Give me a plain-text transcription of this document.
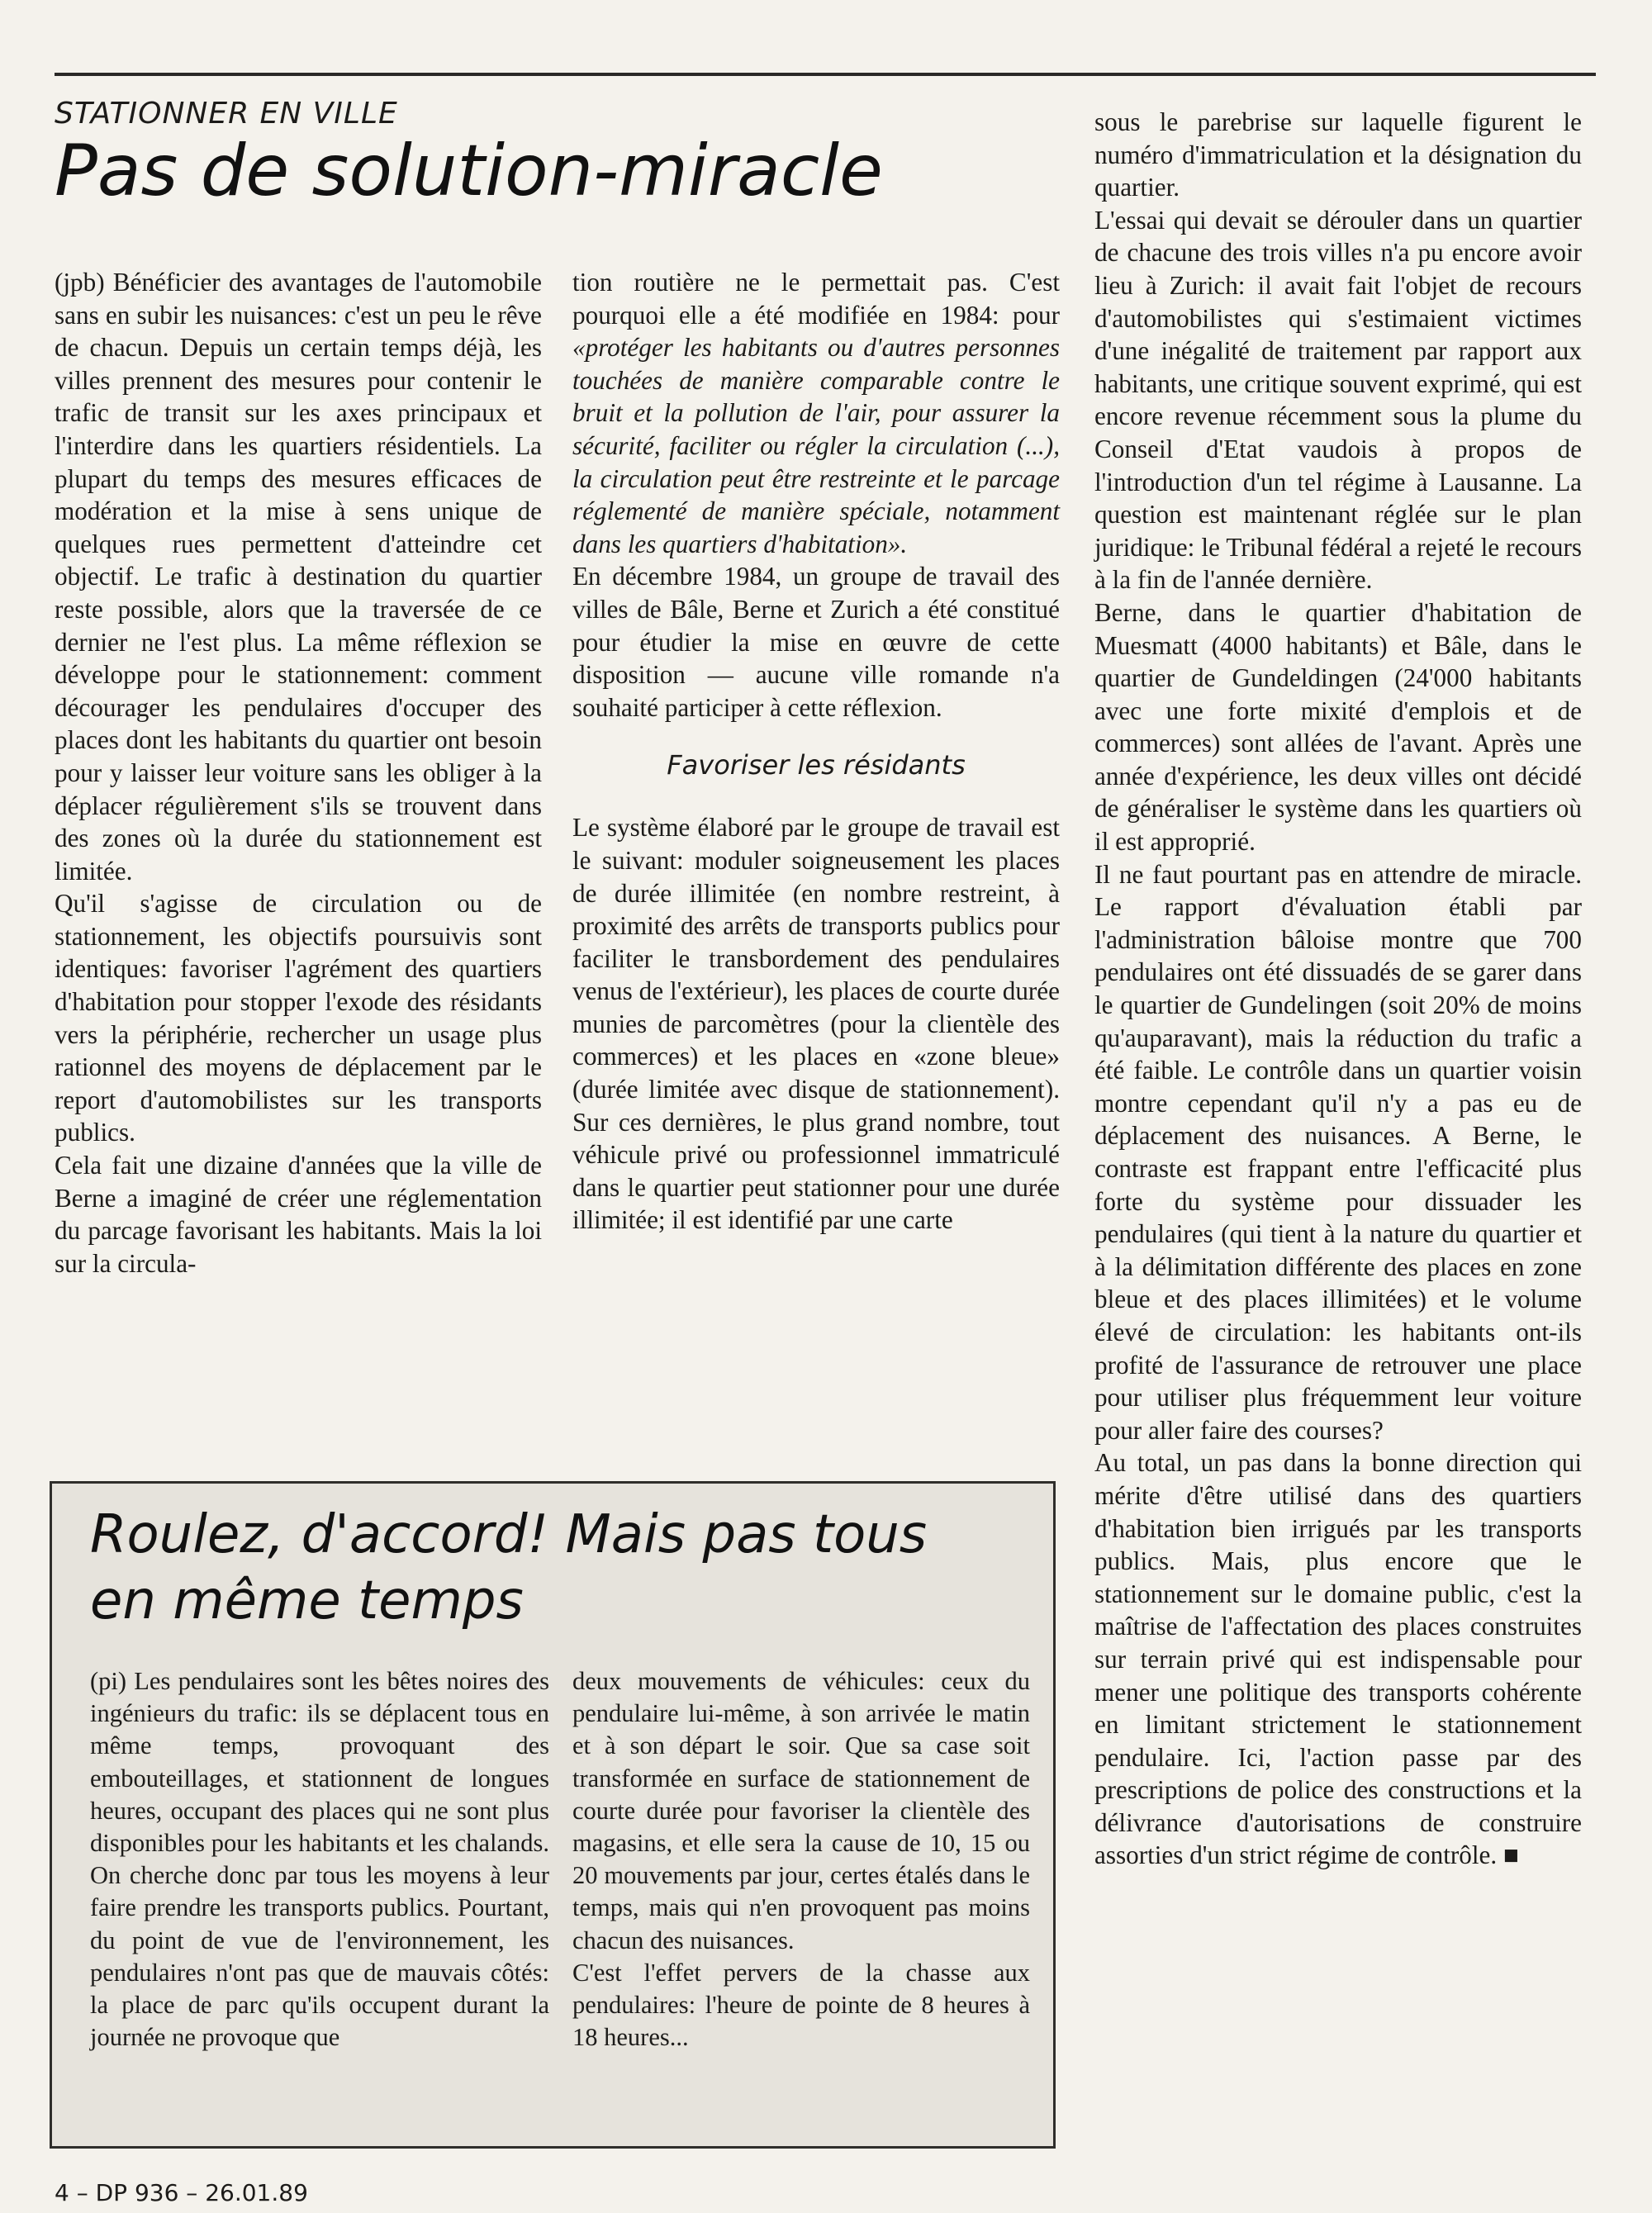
STATIONNER EN VILLE
Pas de solution-miracle

(jpb) Bénéficier des avantages de l'automobile sans en subir les nuisances: c'est un peu le rêve de chacun. Depuis un certain temps déjà, les villes prennent des mesures pour contenir le trafic de transit sur les axes principaux et l'interdire dans les quartiers résidentiels. La plupart du temps des mesures efficaces de modération et la mise à sens unique de quelques rues permettent d'atteindre cet objectif. Le trafic à destination du quartier reste possible, alors que la traversée de ce dernier ne l'est plus. La même réflexion se développe pour le stationnement: comment décourager les pendulaires d'occuper des places dont les habitants du quartier ont besoin pour y laisser leur voiture sans les obliger à la déplacer régulièrement s'ils se trouvent dans des zones où la durée du stationnement est limitée.

Qu'il s'agisse de circulation ou de stationnement, les objectifs poursuivis sont identiques: favoriser l'agrément des quartiers d'habitation pour stopper l'exode des résidants vers la périphérie, rechercher un usage plus rationnel des moyens de déplacement par le report d'automobilistes sur les transports publics.

Cela fait une dizaine d'années que la ville de Berne a imaginé de créer une réglementation du parcage favorisant les habitants. Mais la loi sur la circula-

tion routière ne le permettait pas. C'est pourquoi elle a été modifiée en 1984: pour «protéger les habitants ou d'autres personnes touchées de manière comparable contre le bruit et la pollution de l'air, pour assurer la sécurité, faciliter ou régler la circulation (...), la circulation peut être restreinte et le parcage réglementé de manière spéciale, notamment dans les quartiers d'habitation».

En décembre 1984, un groupe de travail des villes de Bâle, Berne et Zurich a été constitué pour étudier la mise en œuvre de cette disposition — aucune ville romande n'a souhaité participer à cette réflexion.

Favoriser les résidants

Le système élaboré par le groupe de travail est le suivant: moduler soigneusement les places de durée illimitée (en nombre restreint, à proximité des arrêts de transports publics pour faciliter le transbordement des pendulaires venus de l'extérieur), les places de courte durée munies de parcomètres (pour la clientèle des commerces) et les places en «zone bleue» (durée limitée avec disque de stationnement). Sur ces dernières, le plus grand nombre, tout véhicule privé ou professionnel immatriculé dans le quartier peut stationner pour une durée illimitée; il est identifié par une carte

sous le parebrise sur laquelle figurent le numéro d'immatriculation et la désignation du quartier.

L'essai qui devait se dérouler dans un quartier de chacune des trois villes n'a pu encore avoir lieu à Zurich: il avait fait l'objet de recours d'automobilistes qui s'estimaient victimes d'une inégalité de traitement par rapport aux habitants, une critique souvent exprimé, qui est encore revenue récemment sous la plume du Conseil d'Etat vaudois à propos de l'introduction d'un tel régime à Lausanne. La question est maintenant réglée sur le plan juridique: le Tribunal fédéral a rejeté le recours à la fin de l'année dernière.

Berne, dans le quartier d'habitation de Muesmatt (4000 habitants) et Bâle, dans le quartier de Gundeldingen (24'000 habitants avec une forte mixité d'emplois et de commerces) sont allées de l'avant. Après une année d'expérience, les deux villes ont décidé de généraliser le système dans les quartiers où il est approprié.

Il ne faut pourtant pas en attendre de miracle. Le rapport d'évaluation établi par l'administration bâloise montre que 700 pendulaires ont été dissuadés de se garer dans le quartier de Gundelingen (soit 20% de moins qu'auparavant), mais la réduction du trafic a été faible. Le contrôle dans un quartier voisin montre cependant qu'il n'y a pas eu de déplacement des nuisances. A Berne, le contraste est frappant entre l'efficacité plus forte du système pour dissuader les pendulaires (qui tient à la nature du quartier et à la délimitation différente des places en zone bleue et des places illimitées) et le volume élevé de circulation: les habitants ont-ils profité de l'assurance de retrouver une place pour utiliser plus fréquemment leur voiture pour aller faire des courses?

Au total, un pas dans la bonne direction qui mérite d'être utilisé dans des quartiers d'habitation bien irrigués par les transports publics. Mais, plus encore que le stationnement sur le domaine public, c'est la maîtrise de l'affectation des places construites sur terrain privé qui est indispensable pour mener une politique des transports cohérente en limitant strictement le stationnement pendulaire. Ici, l'action passe par des prescriptions de police des constructions et la délivrance d'autorisations de construire assorties d'un strict régime de contrôle. ■

Roulez, d'accord! Mais pas tous
en même temps

(pi) Les pendulaires sont les bêtes noires des ingénieurs du trafic: ils se déplacent tous en même temps, provoquant des embouteillages, et stationnent de longues heures, occupant des places qui ne sont plus disponibles pour les habitants et les chalands. On cherche donc par tous les moyens à leur faire prendre les transports publics. Pourtant, du point de vue de l'environnement, les pendulaires n'ont pas que de mauvais côtés: la place de parc qu'ils occupent durant la journée ne provoque que

deux mouvements de véhicules: ceux du pendulaire lui-même, à son arrivée le matin et à son départ le soir. Que sa case soit transformée en surface de stationnement de courte durée pour favoriser la clientèle des magasins, et elle sera la cause de 10, 15 ou 20 mouvements par jour, certes étalés dans le temps, mais qui n'en provoquent pas moins chacun des nuisances.

C'est l'effet pervers de la chasse aux pendulaires: l'heure de pointe de 8 heures à 18 heures...

4 – DP 936 – 26.01.89
